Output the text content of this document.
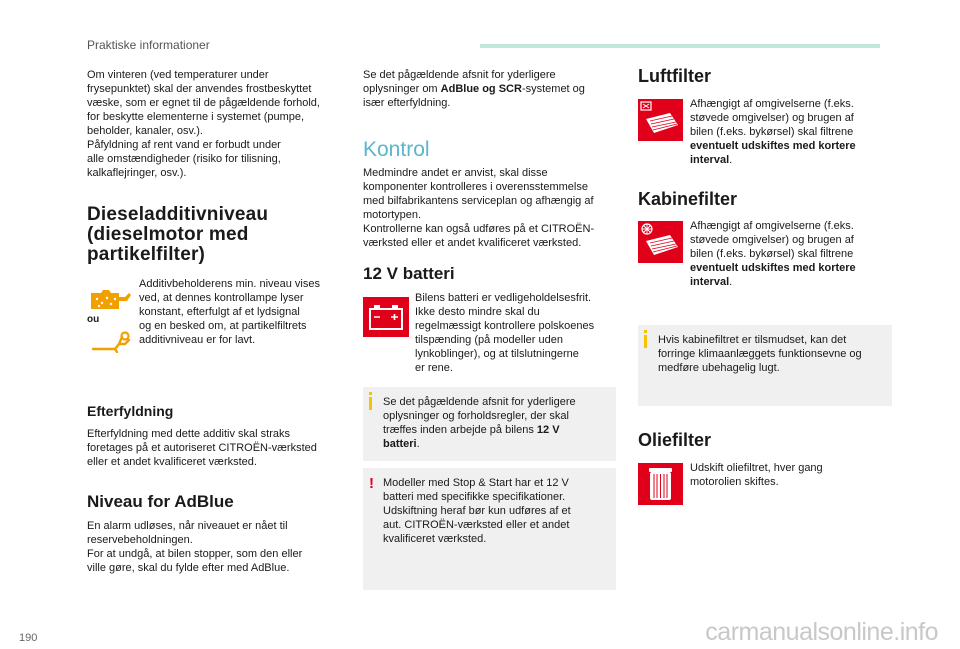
Praktiske informationer

Om vinteren (ved temperaturer under
frysepunktet) skal der anvendes frostbeskyttet
væske, som er egnet til de pågældende forhold,
for beskytte elementerne i systemet (pumpe,
beholder, kanaler, osv.).
Påfyldning af rent vand er forbudt under
alle omstændigheder (risiko for tilisning,
kalkaflejringer, osv.).

Dieseladditivniveau
(dieselmotor med
partikelfilter)
ou

Additivbeholderens min. niveau vises
ved, at dennes kontrollampe lyser
konstant, efterfulgt af et lydsignal
og en besked om, at partikelfiltrets
additivniveau er for lavt.

Efterfyldning

Efterfyldning med dette additiv skal straks
foretages på et autoriseret CITROËN-værksted
eller et andet kvalificeret værksted.

Niveau for AdBlue

En alarm udløses, når niveauet er nået til
reservebeholdningen.
For at undgå, at bilen stopper, som den eller
ville gøre, skal du fylde efter med AdBlue.

Se det pågældende afsnit for yderligere
oplysninger om AdBlue og SCR-systemet og
især efterfyldning.

Kontrol

Medmindre andet er anvist, skal disse
komponenter kontrolleres i overensstemmelse
med bilfabrikantens serviceplan og afhængig af
motortypen.
Kontrollerne kan også udføres på et CITROËN-
værksted eller et andet kvalificeret værksted.

12 V batteri

Bilens batteri er vedligeholdelsesfrit.
Ikke desto mindre skal du
regelmæssigt kontrollere polskoenes
tilspænding (på modeller uden
lynkoblinger), og at tilslutningerne
er rene.

Se det pågældende afsnit for yderligere
oplysninger og forholdsregler, der skal
træffes inden arbejde på bilens 12 V
batteri.

! Modeller med Stop & Start har et 12 V
batteri med specifikke specifikationer.
Udskiftning heraf bør kun udføres af et
aut. CITROËN-værksted eller et andet
kvalificeret værksted.

Luftfilter

Afhængigt af omgivelserne (f.eks.
støvede omgivelser) og brugen af
bilen (f.eks. bykørsel) skal filtrene
eventuelt udskiftes med kortere
interval.

Kabinefilter

Afhængigt af omgivelserne (f.eks.
støvede omgivelser) og brugen af
bilen (f.eks. bykørsel) skal filtrene
eventuelt udskiftes med kortere
interval.

Hvis kabinefiltret er tilsmudset, kan det
forringe klimaanlæggets funktionsevne og
medføre ubehagelig lugt.

Oliefilter

Udskift oliefiltret, hver gang
motorolien skiftes.

190	carmanualsonline.info
